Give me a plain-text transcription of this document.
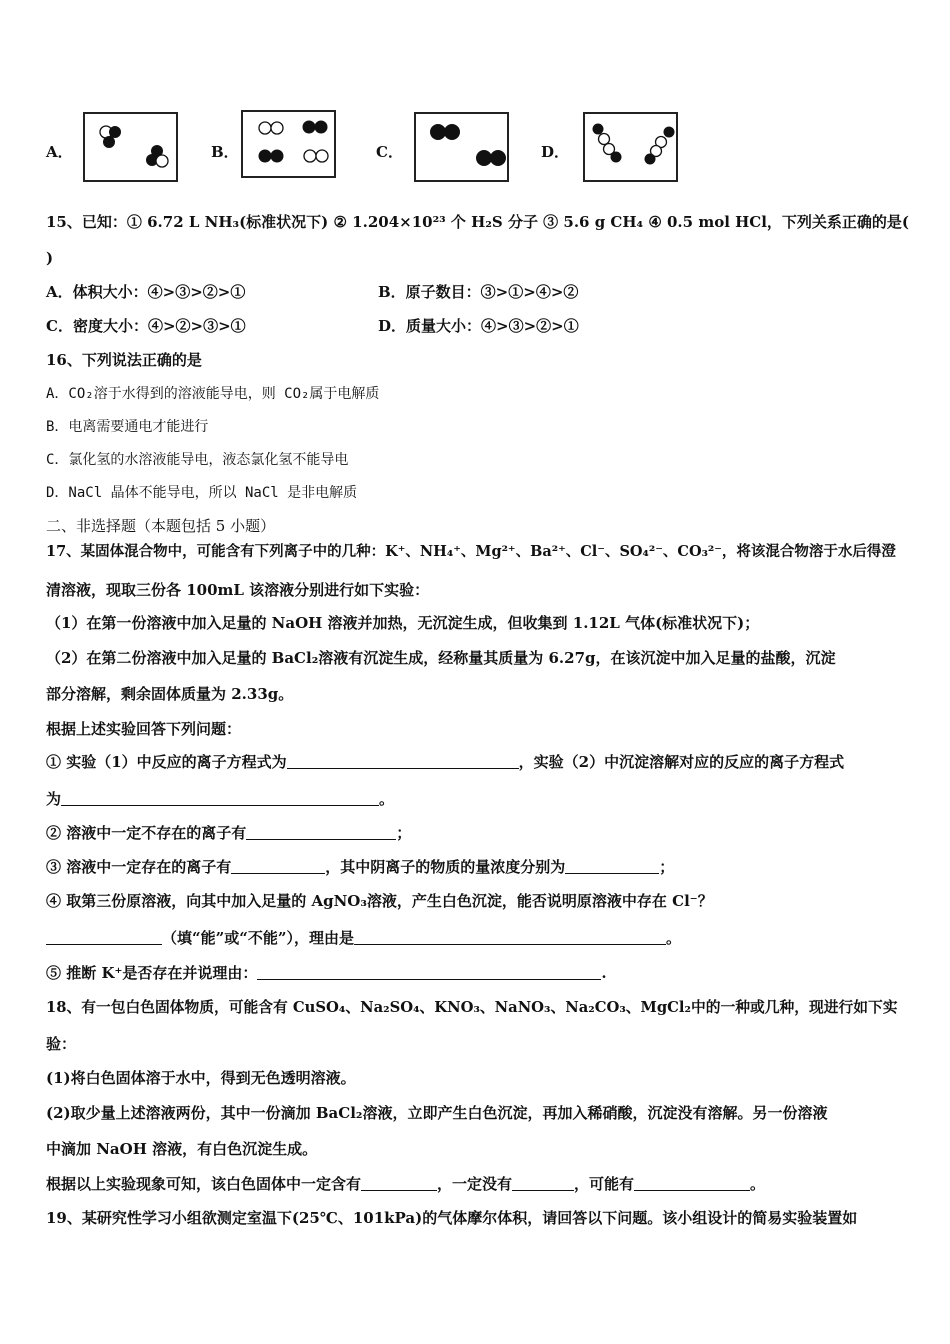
A．	B．	C．	D．
15、已知：① 6.72 L NH₃(标准状况下) ② 1.204×10²³ 个 H₂S 分子 ③ 5.6 g CH₄ ④ 0.5 mol HCl，下列关系正确的是(
)
A．体积大小：④>③>②>①	B．原子数目：③>①>④>②
C．密度大小：④>②>③>①	D．质量大小：④>③>②>①
16、下列说法正确的是
A．CO₂溶于水得到的溶液能导电，则 CO₂属于电解质
B．电离需要通电才能进行
C．氯化氢的水溶液能导电，液态氯化氢不能导电
D．NaCl 晶体不能导电，所以 NaCl 是非电解质
二、非选择题（本题包括 5 小题）
17、某固体混合物中，可能含有下列离子中的几种：K⁺、NH₄⁺、Mg²⁺、Ba²⁺、Cl⁻、SO₄²⁻、CO₃²⁻，将该混合物溶于水后得澄
清溶液，现取三份各 100mL 该溶液分别进行如下实验：
（1）在第一份溶液中加入足量的 NaOH 溶液并加热，无沉淀生成，但收集到 1.12L 气体(标准状况下)；
（2）在第二份溶液中加入足量的 BaCl₂溶液有沉淀生成，经称量其质量为 6.27g，在该沉淀中加入足量的盐酸，沉淀
部分溶解，剩余固体质量为 2.33g。
根据上述实验回答下列问题：
① 实验（1）中反应的离子方程式为	，实验（2）中沉淀溶解对应的反应的离子方程式
为	。
② 溶液中一定不存在的离子有	；
③ 溶液中一定存在的离子有	，其中阴离子的物质的量浓度分别为	；
④ 取第三份原溶液，向其中加入足量的 AgNO₃溶液，产生白色沉淀，能否说明原溶液中存在 Cl⁻？
（填“能”或“不能”），理由是	。
⑤ 推断 K⁺是否存在并说理由：	.
18、有一包白色固体物质，可能含有 CuSO₄、Na₂SO₄、KNO₃、NaNO₃、Na₂CO₃、MgCl₂中的一种或几种，现进行如下实
验：
(1)将白色固体溶于水中，得到无色透明溶液。
(2)取少量上述溶液两份，其中一份滴加 BaCl₂溶液，立即产生白色沉淀，再加入稀硝酸，沉淀没有溶解。另一份溶液
中滴加 NaOH 溶液，有白色沉淀生成。
根据以上实验现象可知，该白色固体中一定含有	，一定没有	，可能有	。
19、某研究性学习小组欲测定室温下(25℃、101kPa)的气体摩尔体积，请回答以下问题。该小组设计的简易实验装置如
